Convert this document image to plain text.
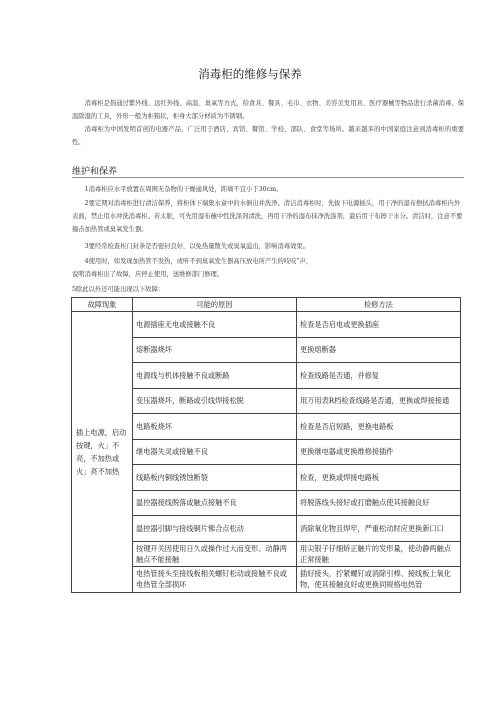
消毒柜的维修与保养

消毒柜是指通过紫外线、远红外线、高温、臭氧等方式，给食具、餐具、毛巾、衣物、美容美发用具、医疗器械等物品进行杀菌消毒、保温除湿的工具，外形一般为柜箱状，柜身大部分材质为不锈钢。

消毒柜为中国发明首创的电器产品，广泛用于酒店、宾馆、餐馆、学校、部队、食堂等场所。越来越多的中国家庭注意到消毒柜的重要性。

维护和保养

1消毒柜应水平放置在周围无杂物的干燥通风处，距墙不宜小于30cm。

2要定期对消毒柜进行清洁保养，将柜体下端集水盒中的水倒出并洗净。清洁消毒柜时，先拔下电源插头，用干净的湿布擦拭消毒柜内外表面，禁止用水冲洗消毒柜。若太脏，可先用湿布蘸中性洗涤剂清洗，再用干净的湿布抹净洗涤剂，最后用干布擦干水分。清洁时，注意不要撞击加热管或臭氧发生器。

3要经常检查柜门封条是否密封良好，以免热量散失或臭氧溢出，影响消毒效果。

4使用时，如发现加热管不发热，或听不到臭氧发生器高压放电所产生的吱吱”声，

说明消毒柜出了故障，应停止使用，送维修部门修理。

5除此以外还可能出现以下故障：

故障现象	可能的原因	检修方法
插上电源，启动按键，火」不亮，不加热或火」亮不加热	电源插座无电或接触不良	检查是否启电或更换插座
	熔断器烧坏	更换熔断器
	电源线与机体接触不良或断路	检查线路是否通，并修复
	变压器烧坏，断路或引线焊接松脱	用万用表R档检查线路是否通，更换或焊接接通
	电路板烧坏	检查是否启短路，更换电路板
	继电器失灵或接触不良	更换继电器或更换维修接插件
	线路板内铜线锈蚀断裂	检查，更换或焊接电路板
	温控器接线脱落或触点接触不良	将脱落线头接好或打磨触点使其接触良好
	温控器引脚与接线铜片怫合点松动	消除氧化物且焊牢，严重松动时应更换新口口
	按键开关因使用日久或操作过大而变形、动静两触点不能接触	用尖银子仔细矫正触片的发形量，使动静两触点正常接触
	电热管接头至接线板相关螺钉松动或接触不良或电热管全部损坏	插好接头，拧紧螺钉或消除引棒、接线板上氧化物，使其接触良好或更换同规格电热管
